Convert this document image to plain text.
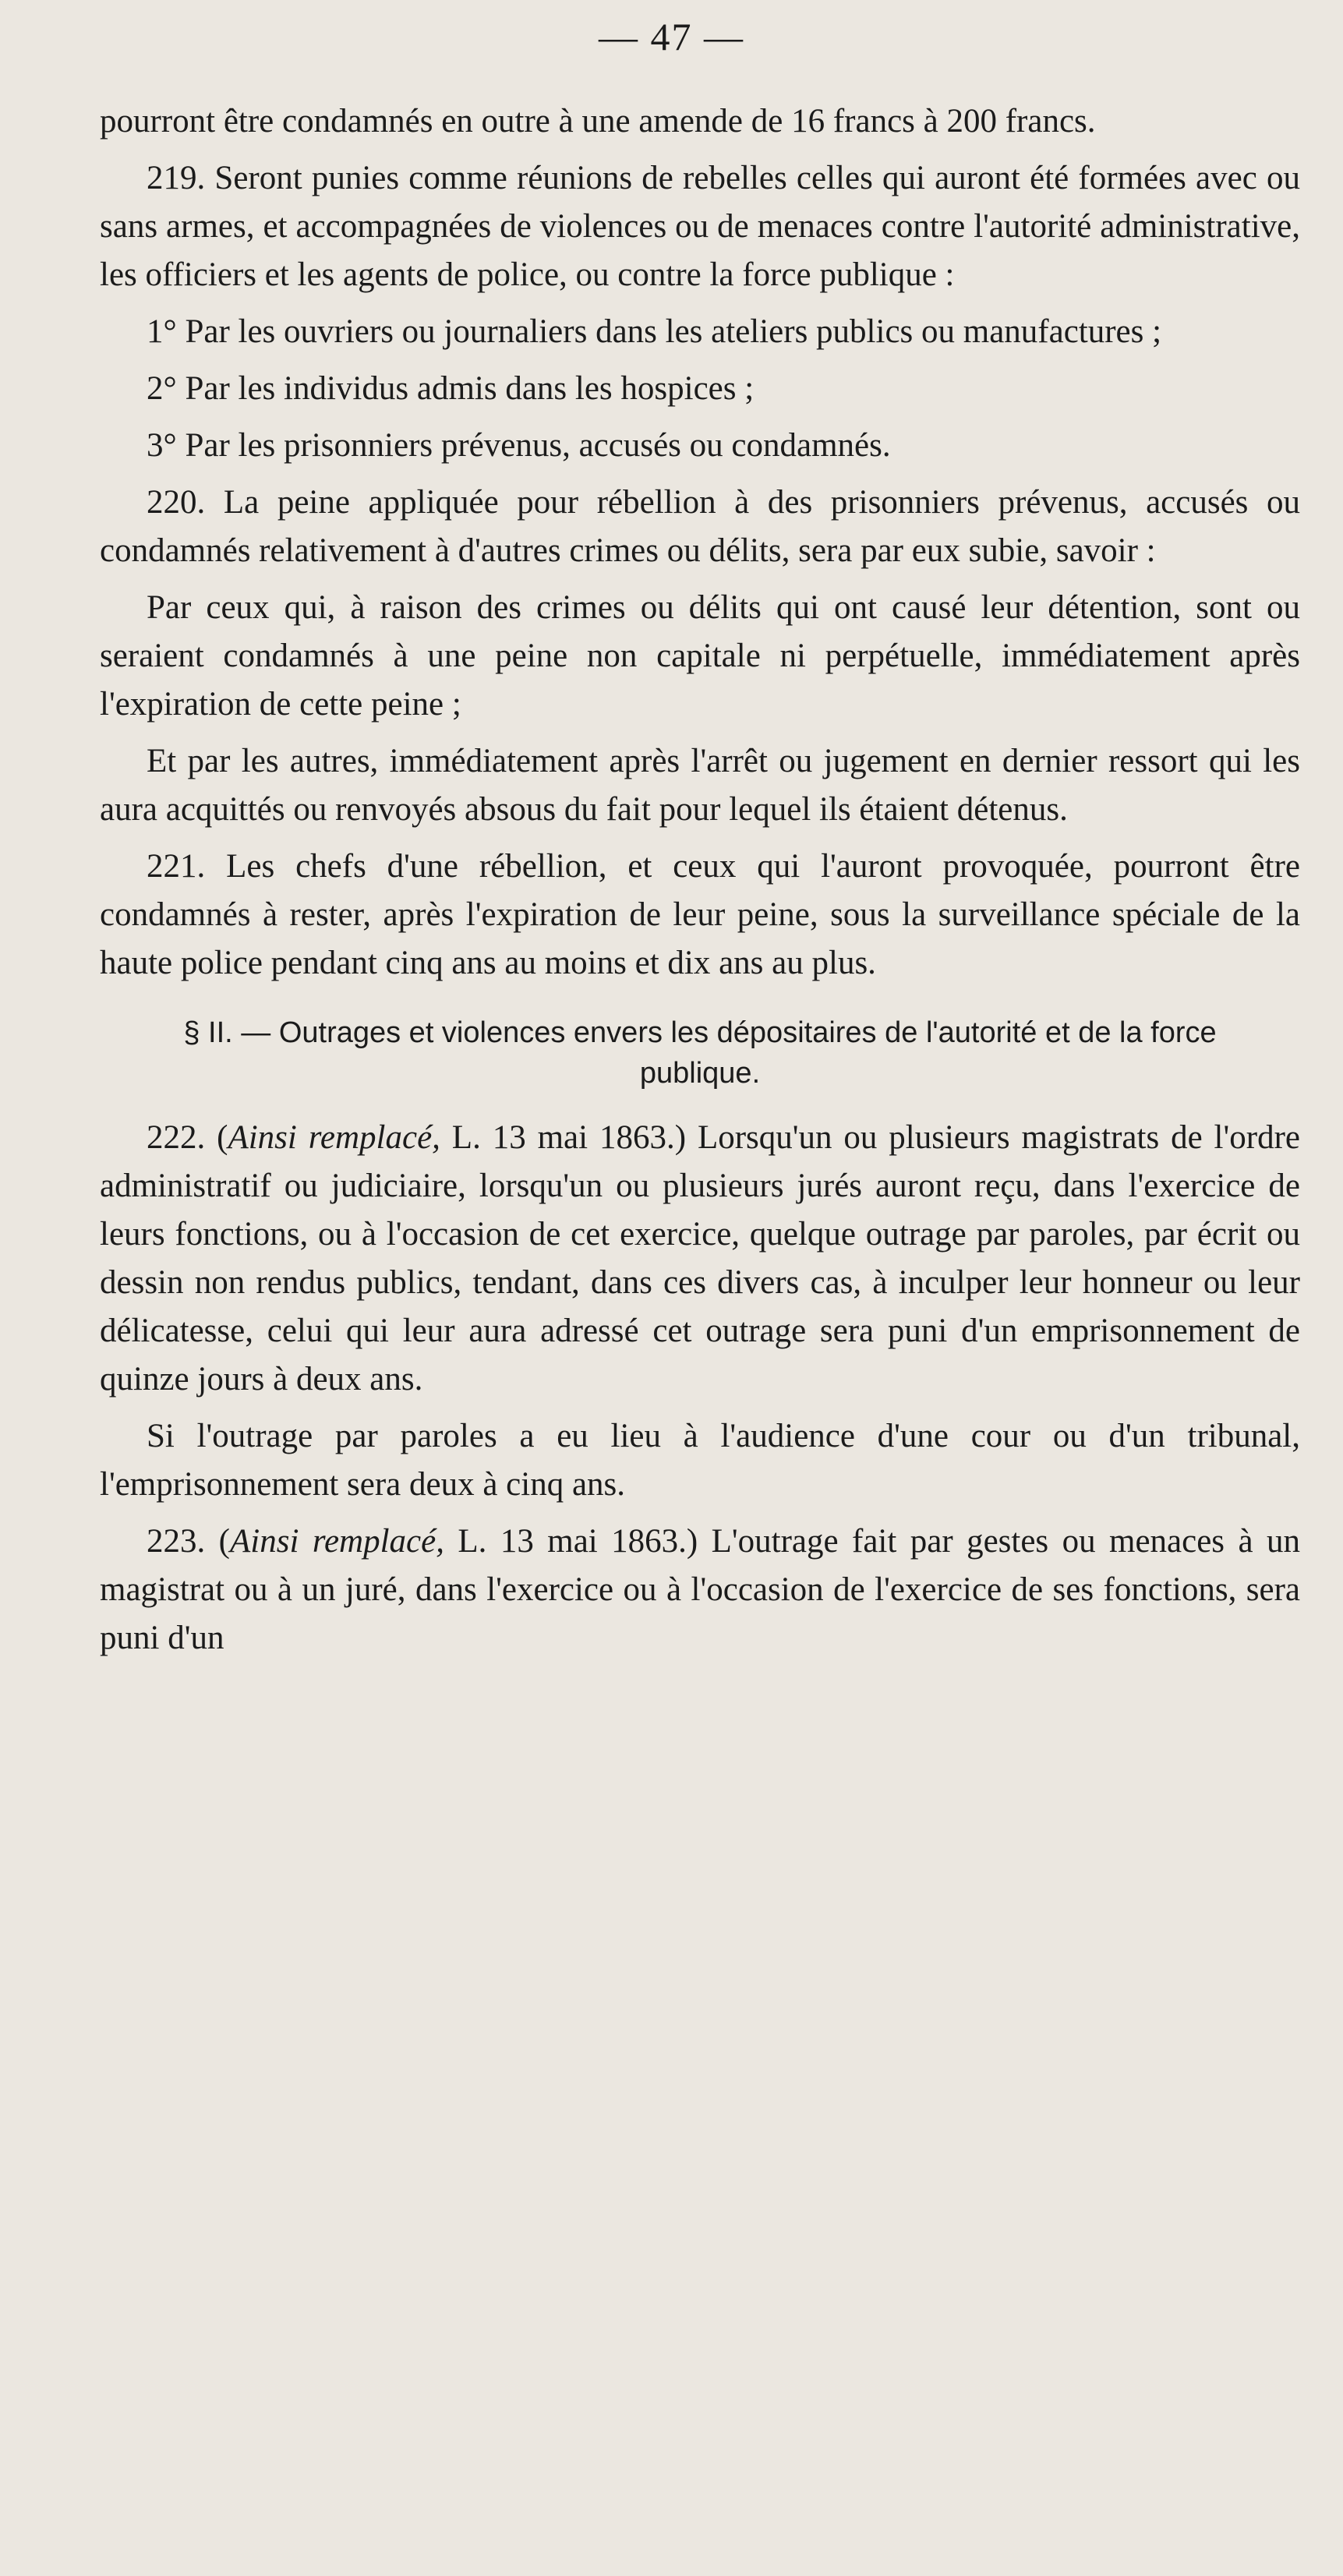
— 47 —

pourront être condamnés en outre à une amende de 16 francs à 200 francs.

219. Seront punies comme réunions de rebelles celles qui auront été formées avec ou sans armes, et accompagnées de violences ou de menaces contre l'autorité administrative, les officiers et les agents de police, ou contre la force publique :

1° Par les ouvriers ou journaliers dans les ateliers publics ou manufactures ;

2° Par les individus admis dans les hospices ;

3° Par les prisonniers prévenus, accusés ou condamnés.

220. La peine appliquée pour rébellion à des prisonniers prévenus, accusés ou condamnés relativement à d'autres crimes ou délits, sera par eux subie, savoir :

Par ceux qui, à raison des crimes ou délits qui ont causé leur détention, sont ou seraient condamnés à une peine non capitale ni perpétuelle, immédiatement après l'expiration de cette peine ;

Et par les autres, immédiatement après l'arrêt ou jugement en dernier ressort qui les aura acquittés ou renvoyés absous du fait pour lequel ils étaient détenus.

221. Les chefs d'une rébellion, et ceux qui l'auront provoquée, pourront être condamnés à rester, après l'expiration de leur peine, sous la surveillance spéciale de la haute police pendant cinq ans au moins et dix ans au plus.

§ II. — Outrages et violences envers les dépositaires de l'autorité et de la force publique.

222. (Ainsi remplacé, L. 13 mai 1863.) Lorsqu'un ou plusieurs magistrats de l'ordre administratif ou judiciaire, lorsqu'un ou plusieurs jurés auront reçu, dans l'exercice de leurs fonctions, ou à l'occasion de cet exercice, quelque outrage par paroles, par écrit ou dessin non rendus publics, tendant, dans ces divers cas, à inculper leur honneur ou leur délicatesse, celui qui leur aura adressé cet outrage sera puni d'un emprisonnement de quinze jours à deux ans.

Si l'outrage par paroles a eu lieu à l'audience d'une cour ou d'un tribunal, l'emprisonnement sera deux à cinq ans.

223. (Ainsi remplacé, L. 13 mai 1863.) L'outrage fait par gestes ou menaces à un magistrat ou à un juré, dans l'exercice ou à l'occasion de l'exercice de ses fonctions, sera puni d'un
